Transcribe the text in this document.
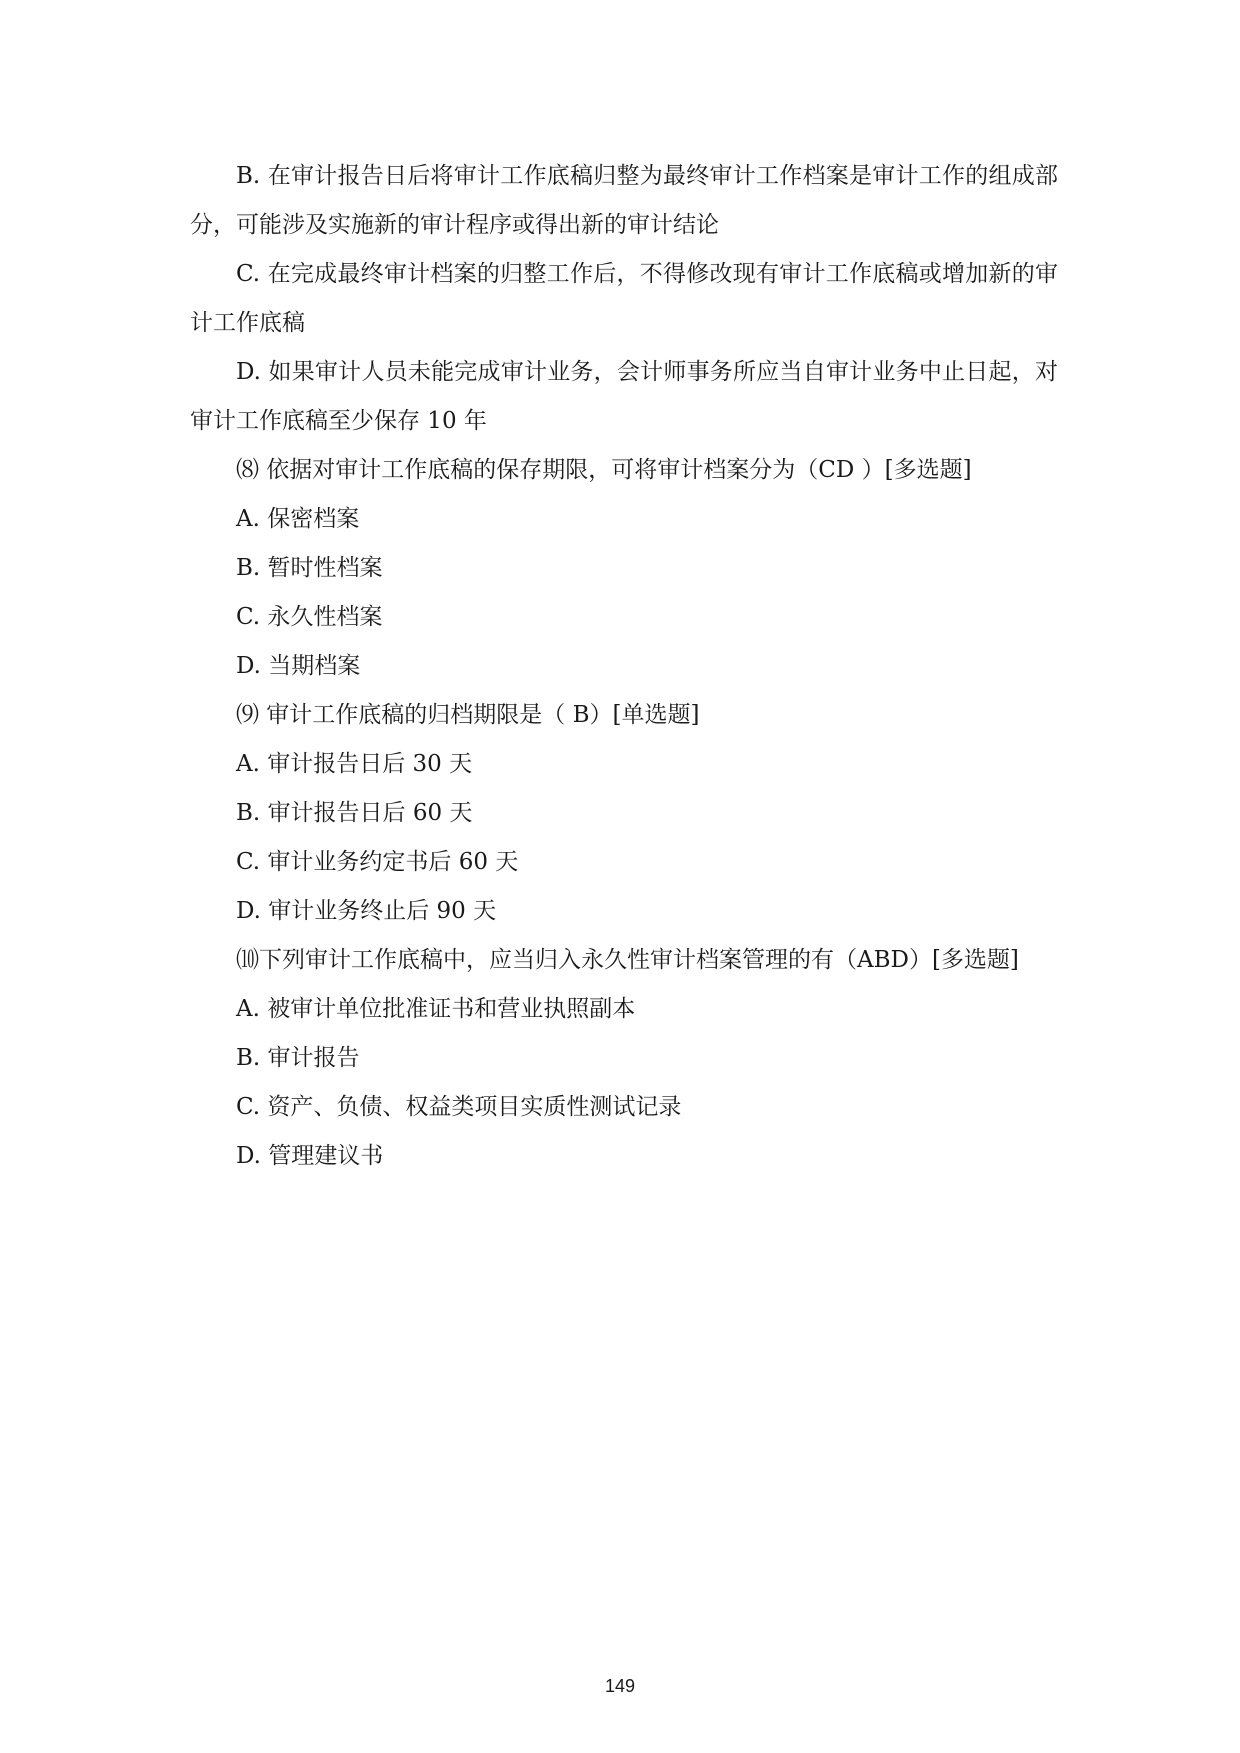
B. 在审计报告日后将审计工作底稿归整为最终审计工作档案是审计工作的组成部分，可能涉及实施新的审计程序或得出新的审计结论

C. 在完成最终审计档案的归整工作后，不得修改现有审计工作底稿或增加新的审计工作底稿

D. 如果审计人员未能完成审计业务，会计师事务所应当自审计业务中止日起，对审计工作底稿至少保存 10 年

⑻ 依据对审计工作底稿的保存期限，可将审计档案分为（CD ）[多选题]

A. 保密档案

B. 暂时性档案

C. 永久性档案

D. 当期档案

⑼ 审计工作底稿的归档期限是（ B）[单选题]

A. 审计报告日后 30 天

B. 审计报告日后 60 天

C. 审计业务约定书后 60 天

D. 审计业务终止后 90 天

⑽下列审计工作底稿中，应当归入永久性审计档案管理的有（ABD）[多选题]

A. 被审计单位批准证书和营业执照副本

B. 审计报告

C. 资产、负债、权益类项目实质性测试记录

D. 管理建议书

149
